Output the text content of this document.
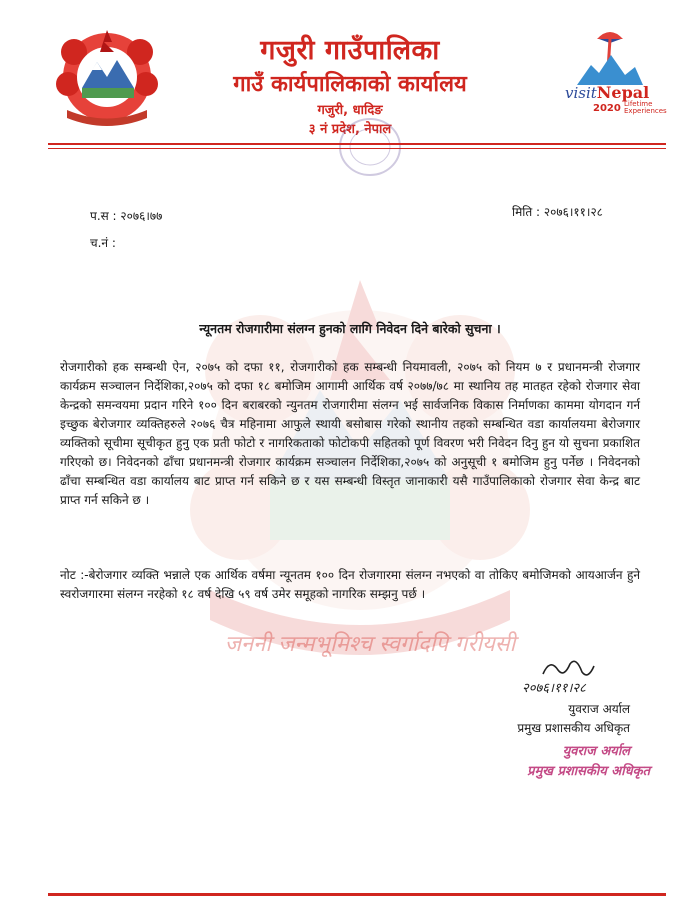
जननी जन्मभूमिश्च स्वर्गादपि गरीयसी
गजुरी गाउँपालिका
गाउँ कार्यपालिकाको कार्यालय
गजुरी, धादिङ
३ नं प्रदेश, नेपाल
visitNepal
2020 Lifetime
Experiences
प.स : २०७६।७७
च.नं :
मिति : २०७६।११।२८
न्यूनतम रोजगारीमा संलग्न हुनको लागि निवेदन दिने बारेको सुचना ।
रोजगारीको हक सम्बन्धी ऐन, २०७५ को दफा ११, रोजगारीको हक सम्बन्धी नियमावली, २०७५ को नियम ७ र प्रधानमन्त्री रोजगार कार्यक्रम सञ्चालन निर्देशिका,२०७५ को दफा १८ बमोजिम आगामी आर्थिक वर्ष २०७७/७८ मा स्थानिय तह मातहत रहेको रोजगार सेवा केन्द्रको समन्वयमा प्रदान गरिने १०० दिन बराबरको न्युनतम रोजगारीमा संलग्न भई सार्वजनिक विकास निर्माणका काममा योगदान गर्न इच्छुक बेरोजगार व्यक्तिहरुले २०७६ चैत्र महिनामा आफुले स्थायी बसोबास गरेको स्थानीय तहको सम्बन्धित वडा कार्यालयमा बेरोजगार व्यक्तिको सूचीमा सूचीकृत हुनु एक प्रती फोटो र नागरिकताको फोटोकपी सहितको पूर्ण विवरण भरी निवेदन दिनु हुन यो सुचना प्रकाशित गरिएको छ। निवेदनको ढाँचा प्रधानमन्त्री रोजगार कार्यक्रम सञ्चालन निर्देशिका,२०७५ को अनुसूची १ बमोजिम हुनु पर्नेछ । निवेदनको ढाँचा सम्बन्धित वडा कार्यालय बाट प्राप्त गर्न सकिने छ र यस सम्बन्धी विस्तृत जानाकारी यसै गाउँपालिकाको रोजगार सेवा केन्द्र बाट प्राप्त गर्न सकिने छ ।
नोट :-बेरोजगार व्यक्ति भन्नाले एक आर्थिक वर्षमा न्यूनतम १०० दिन रोजगारमा संलग्न नभएको वा तोकिए बमोजिमको आयआर्जन हुने स्वरोजगारमा संलग्न नरहेको १८ वर्ष देखि ५९ वर्ष उमेर समूहको नागरिक सम्झनु पर्छ ।
२०७६।११।२८
युवराज अर्याल
प्रमुख प्रशासकीय अधिकृत
युवराज अर्याल
प्रमुख प्रशासकीय अधिकृत
